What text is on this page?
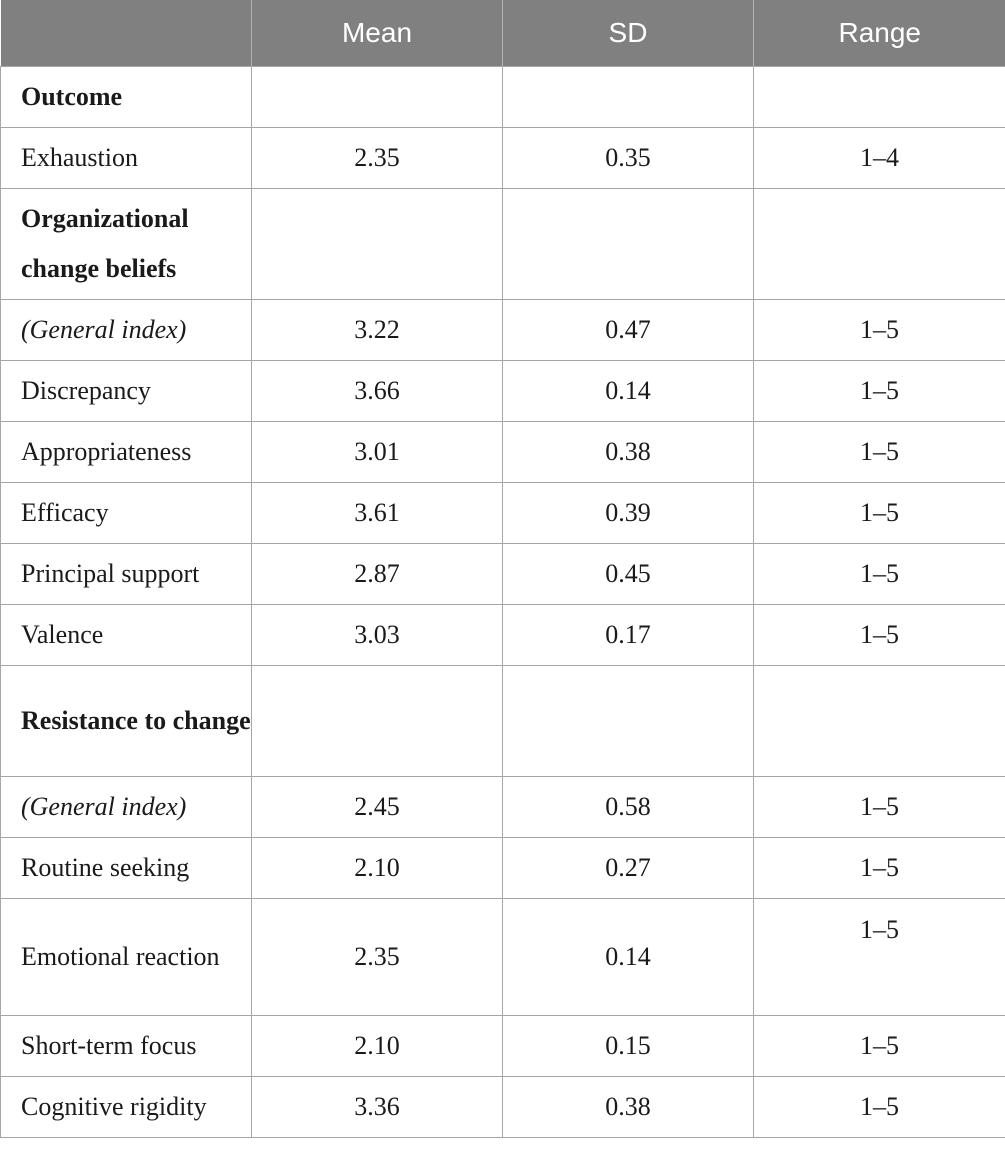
	Mean	SD	Range
Outcome			
Exhaustion	2.35	0.35	1–4
Organizational change beliefs			
(General index)	3.22	0.47	1–5
Discrepancy	3.66	0.14	1–5
Appropriateness	3.01	0.38	1–5
Efficacy	3.61	0.39	1–5
Principal support	2.87	0.45	1–5
Valence	3.03	0.17	1–5
Resistance to change			
(General index)	2.45	0.58	1–5
Routine seeking	2.10	0.27	1–5
Emotional reaction	2.35	0.14	1–5
Short-term focus	2.10	0.15	1–5
Cognitive rigidity	3.36	0.38	1–5
